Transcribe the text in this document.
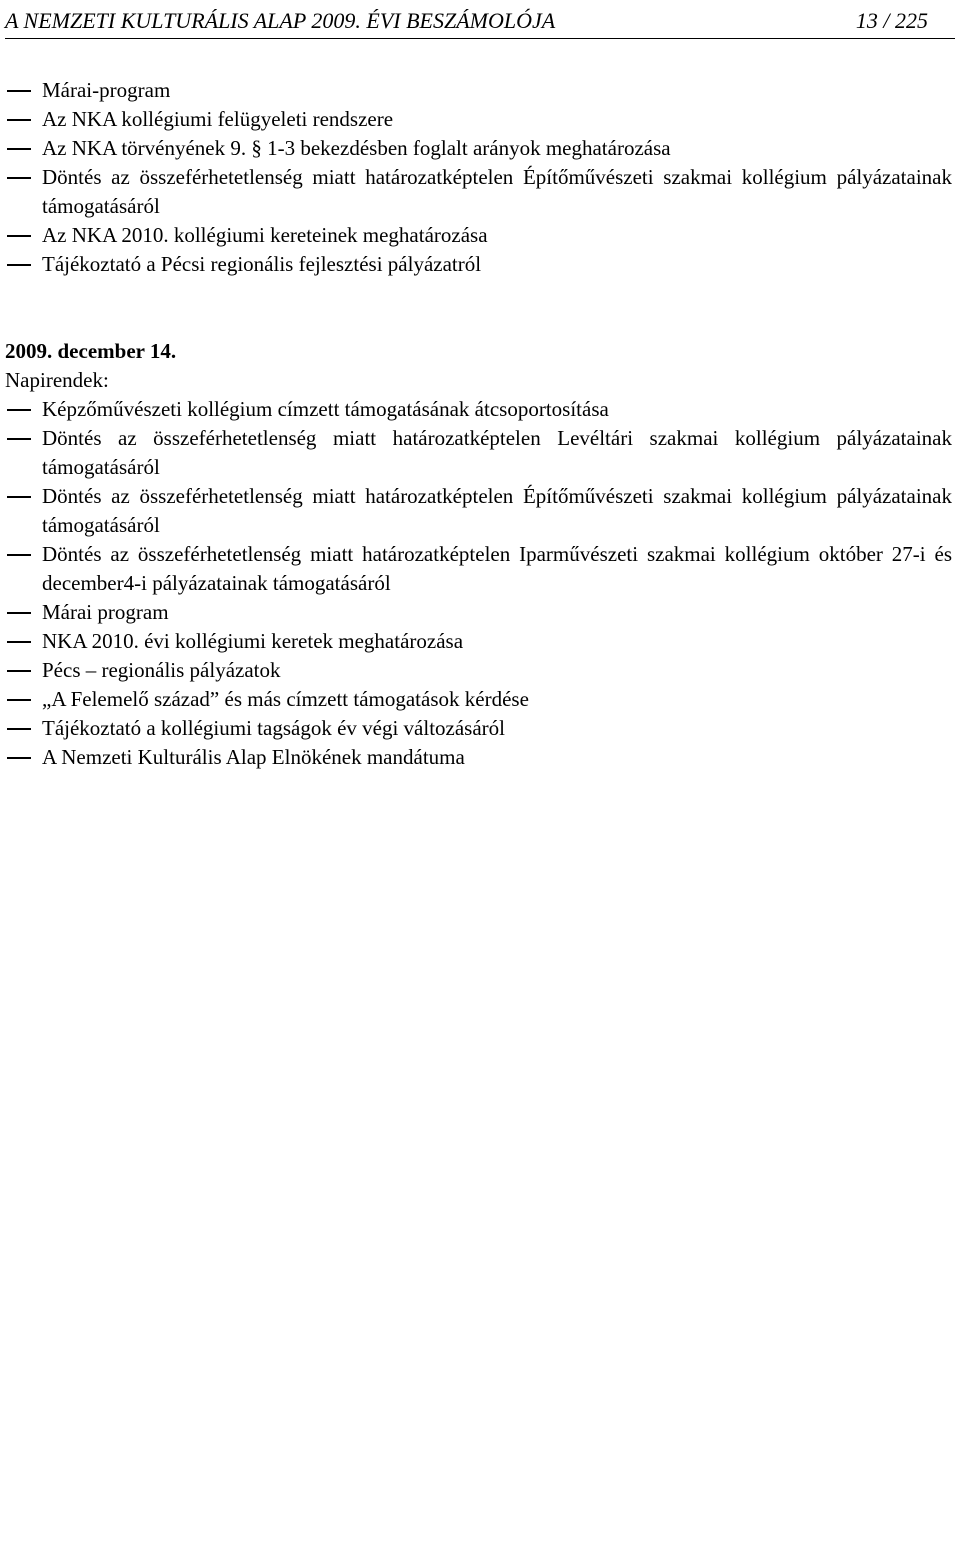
A NEMZETI KULTURÁLIS ALAP 2009. ÉVI BESZÁMOLÓJA	13 / 225
Márai-program
Az NKA kollégiumi felügyeleti rendszere
Az NKA törvényének 9. § 1-3 bekezdésben foglalt arányok meghatározása
Döntés az összeférhetetlenség miatt határozatképtelen Építőművészeti szakmai kollégium pályázatainak támogatásáról
Az NKA 2010. kollégiumi kereteinek meghatározása
Tájékoztató a Pécsi regionális fejlesztési pályázatról
2009. december 14.
Napirendek:
Képzőművészeti kollégium címzett támogatásának átcsoportosítása
Döntés az összeférhetetlenség miatt határozatképtelen Levéltári szakmai kollégium pályázatainak támogatásáról
Döntés az összeférhetetlenség miatt határozatképtelen Építőművészeti szakmai kollégium pályázatainak támogatásáról
Döntés az összeférhetetlenség miatt határozatképtelen Iparművészeti szakmai kollégium október 27-i és december4-i pályázatainak támogatásáról
Márai program
NKA 2010. évi kollégiumi keretek meghatározása
Pécs – regionális pályázatok
„A Felemelő század” és más címzett támogatások kérdése
Tájékoztató a kollégiumi tagságok év végi változásáról
A Nemzeti Kulturális Alap Elnökének mandátuma
